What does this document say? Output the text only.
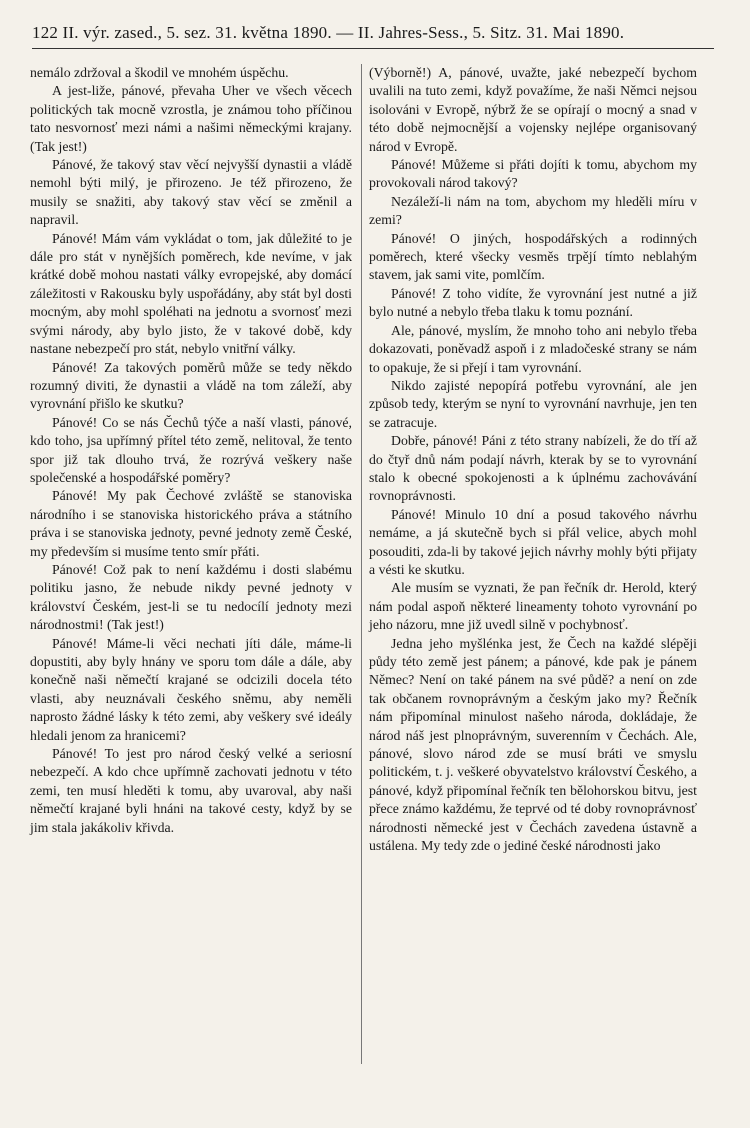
122 II. výr. zased., 5. sez. 31. května 1890. — II. Jahres-Sess., 5. Sitz. 31. Mai 1890.

nemálo zdržoval a škodil ve mnohém úspěchu.

A jest-liže, pánové, převaha Uher ve všech věcech politických tak mocně vzrostla, je známou toho příčinou tato nesvornosť mezi námi a našimi německými krajany. (Tak jest!)

Pánové, že takový stav věcí nejvyšší dynastii a vládě nemohl býti milý, je přirozeno. Je též přirozeno, že musily se snažiti, aby takový stav věcí se změnil a napravil.

Pánové! Mám vám vykládat o tom, jak důležité to je dále pro stát v nynějších poměrech, kde nevíme, v jak krátké době mohou nastati války evropejské, aby domácí záležitosti v Rakousku byly uspořádány, aby stát byl dosti mocným, aby mohl spoléhati na jednotu a svornosť mezi svými národy, aby bylo jisto, že v takové době, kdy nastane nebezpečí pro stát, nebylo vnitřní války.

Pánové! Za takových poměrů může se tedy někdo rozumný diviti, že dynastii a vládě na tom záleží, aby vyrovnání přišlo ke skutku?

Pánové! Co se nás Čechů týče a naší vlasti, pánové, kdo toho, jsa upřímný přítel této země, nelitoval, že tento spor již tak dlouho trvá, že rozrývá veškery naše společenské a hospodářské poměry?

Pánové! My pak Čechové zvláště se stanoviska národního i se stanoviska historického práva a státního práva i se stanoviska jednoty, pevné jednoty země České, my především si musíme tento smír přáti.

Pánové! Což pak to není každému i dosti slabému politiku jasno, že nebude nikdy pevné jednoty v království Českém, jest-li se tu nedocílí jednoty mezi národnostmi! (Tak jest!)

Pánové! Máme-li věci nechati jíti dále, máme-li dopustiti, aby byly hnány ve sporu tom dále a dále, aby konečně naši němečtí krajané se odcizili docela této vlasti, aby neuznávali českého sněmu, aby neměli naprosto žádné lásky k této zemi, aby veškery své ideály hledali jenom za hranicemi?

Pánové! To jest pro národ český velké a seriosní nebezpečí. A kdo chce upřímně zachovati jednotu v této zemi, ten musí hleděti k tomu, aby uvaroval, aby naši němečtí krajané byli hnáni na takové cesty, když by se jim stala jakákoliv křivda.

(Výborně!) A, pánové, uvažte, jaké nebezpečí bychom uvalili na tuto zemi, když považíme, že naši Němci nejsou isolováni v Evropě, nýbrž že se opírají o mocný a snad v této době nejmocnější a vojensky nejlépe organisovaný národ v Evropě.

Pánové! Můžeme si přáti dojíti k tomu, abychom my provokovali národ takový?

Nezáleží-li nám na tom, abychom my hleděli míru v zemi?

Pánové! O jiných, hospodářských a rodinných poměrech, které všecky vesměs trpějí tímto neblahým stavem, jak sami vite, pomlčím.

Pánové! Z toho vidíte, že vyrovnání jest nutné a již bylo nutné a nebylo třeba tlaku k tomu poznání.

Ale, pánové, myslím, že mnoho toho ani nebylo třeba dokazovati, poněvadž aspoň i z mladočeské strany se nám to opakuje, že si přejí i tam vyrovnání.

Nikdo zajisté nepopírá potřebu vyrovnání, ale jen způsob tedy, kterým se nyní to vyrovnání navrhuje, jen ten se zatracuje.

Dobře, pánové! Páni z této strany nabízeli, že do tří až do čtyř dnů nám podají návrh, kterak by se to vyrovnání stalo k obecné spokojenosti a k úplnému zachovávání rovnoprávnosti.

Pánové! Minulo 10 dní a posud takového návrhu nemáme, a já skutečně bych si přál velice, abych mohl posouditi, zda-li by takové jejich návrhy mohly býti přijaty a vésti ke skutku.

Ale musím se vyznati, že pan řečník dr. Herold, který nám podal aspoň některé lineamenty tohoto vyrovnání po jeho názoru, mne již uvedl silně v pochybnosť.

Jedna jeho myšlénka jest, že Čech na každé slépěji půdy této země jest pánem; a pánové, kde pak je pánem Němec? Není on také pánem na své půdě? a není on zde tak občanem rovnoprávným a českým jako my? Řečník nám připomínal minulost našeho národa, dokládaje, že národ náš jest plnoprávným, suverenním v Čechách. Ale, pánové, slovo národ zde se musí bráti ve smyslu politickém, t. j. veškeré obyvatelstvo království Českého, a pánové, když připomínal řečník ten bělohorskou bitvu, jest přece známo každému, že teprvé od té doby rovnoprávnosť národnosti německé jest v Čechách zavedena ústavně a ustálena. My tedy zde o jediné české národnosti jako
